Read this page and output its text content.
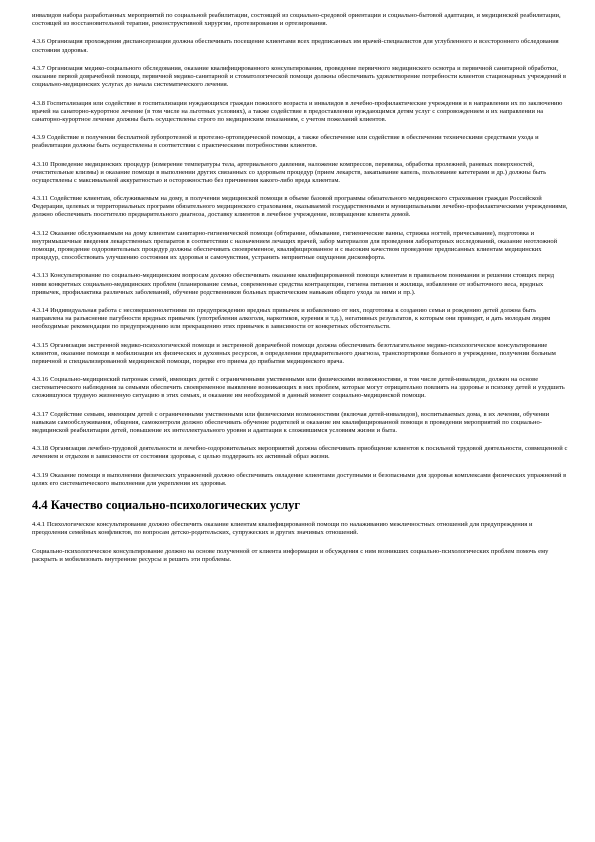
инвалидов набора разработанных мероприятий по социальной реабилитации, состоящей из социально-средовой ориентации и социально-бытовой адаптации, и медицинской реабилитации, состоящей из восстановительной терапии, реконструктивной хирургии, протезирования и ортезирования.

4.3.6 Организация прохождения диспансеризации должна обеспечивать посещение клиентами всех предписанных им врачей-специалистов для углубленного и всестороннего обследования состояния здоровья.

4.3.7 Организация медико-социального обследования, оказание квалифицированного консультирования, проведение первичного медицинского осмотра и первичной санитарной обработки, оказание первой доврачебной помощи, первичной медико-санитарной и стоматологической помощи должны обеспечивать удовлетворение потребности клиентов стационарных учреждений в социально-медицинских услугах до начала систематического лечения.

4.3.8 Госпитализация или содействие в госпитализации нуждающихся граждан пожилого возраста и инвалидов в лечебно-профилактические учреждения и в направлении их по заключению врачей на санаторно-курортное лечение (в том числе на льготных условиях), а также содействие в предоставлении нуждающимся детям услуг с сопровождением и их направлении на санаторно-курортное лечение должны быть осуществлены строго по медицинским показаниям, с учетом пожеланий клиентов.

4.3.9 Содействие в получении бесплатной зубопротезной и протезно-ортопедической помощи, а также обеспечение или содействие в обеспечении техническими средствами ухода и реабилитации должны быть осуществлены в соответствии с практическими потребностями клиентов.

4.3.10 Проведение медицинских процедур (измерение температуры тела, артериального давления, наложение компрессов, перевязка, обработка пролежней, раневых поверхностей, очистительные клизмы) и оказание помощи в выполнении других связанных со здоровьем процедур (прием лекарств, закапывание капель, пользование катетерами и др.) должны быть осуществлены с максимальной аккуратностью и осторожностью без причинения какого-либо вреда клиентам.

4.3.11 Содействие клиентам, обслуживаемым на дому, в получении медицинской помощи в объеме базовой программы обязательного медицинского страхования граждан Российской Федерации, целевых и территориальных программ обязательного медицинского страхования, оказываемой государственными и муниципальными лечебно-профилактическими учреждениями, должно обеспечивать посетителю предварительного диагноза, доставку клиентов в лечебное учреждение, возвращение клиента домой.

4.3.12 Оказание обслуживаемым на дому клиентам санитарно-гигиенической помощи (обтирание, обмывание, гигиенические ванны, стрижка ногтей, причесывание), подготовка и внутримышечные введения лекарственных препаратов в соответствии с назначением лечащих врачей, забор материалов для проведения лабораторных исследований, оказание неотложной помощи, проведение оздоровительных процедур должны обеспечивать своевременное, квалифицированное и с высоким качеством проведение предписанных клиентам медицинских процедур, способствовать улучшению состояния их здоровья и самочувствия, устранить неприятные ощущения дискомфорта.

4.3.13 Консультирование по социально-медицинским вопросам должно обеспечивать оказание квалифицированной помощи клиентам в правильном понимании и решении стоящих перед ними конкретных социально-медицинских проблем (планирование семьи, современные средства контрацепции, гигиена питания и жилища, избавление от избыточного веса, вредных привычек, профилактика различных заболеваний, обучение родственников больных практическим навыкам общего ухода за ними и пр.).

4.3.14 Индивидуальная работа с несовершеннолетними по предупреждению вредных привычек и избавлению от них, подготовка к созданию семьи и рождению детей должна быть направлена на разъяснение пагубности вредных привычек (употребления алкоголя, наркотиков, курения и т.д.), негативных результатов, к которым они приводят, и дать молодым людям необходимые рекомендации по предупреждению или прекращению этих привычек в зависимости от конкретных обстоятельств.

4.3.15 Организация экстренной медико-психологической помощи и экстренной доврачебной помощи должна обеспечивать безотлагательное медико-психологическое консультирование клиентов, оказание помощи в мобилизации их физических и духовных ресурсов, в определении предварительного диагноза, транспортировке больного в учреждение, получении больным первичной и специализированной медицинской помощи, порядке его приема до прибытия медицинского врача.

4.3.16 Социально-медицинский патронаж семей, имеющих детей с ограниченными умственными или физическими возможностями, в том числе детей-инвалидов, должен на основе систематического наблюдения за семьями обеспечить своевременное выявление возникающих в них проблем, которые могут отрицательно повлиять на здоровье и психику детей и ухудшить сложившуюся трудную жизненную ситуацию в этих семьях, и оказание им необходимой в данный момент социально-медицинской помощи.

4.3.17 Содействие семьям, имеющим детей с ограниченными умственными или физическими возможностями (включая детей-инвалидов), воспитываемых дома, в их лечении, обучении навыкам самообслуживания, общения, самоконтроля должно обеспечивать обучение родителей и оказание им квалифицированной помощи в проведении мероприятий по социально-медицинской реабилитации детей, повышение их интеллектуального уровня и адаптации к сложившимся условиям жизни и быта.

4.3.18 Организация лечебно-трудовой деятельности и лечебно-оздоровительных мероприятий должна обеспечивать приобщение клиентов к посильной трудовой деятельности, совмещенной с лечением и отдыхом в зависимости от состояния здоровья, с целью поддержать их активный образ жизни.

4.3.19 Оказание помощи в выполнении физических упражнений должно обеспечивать овладение клиентами доступными и безопасными для здоровья комплексами физических упражнений в целях его систематического выполнения для укрепления их здоровья.

4.4 Качество социально-психологических услуг

4.4.1 Психологическое консультирование должно обеспечить оказание клиентам квалифицированной помощи по налаживанию межличностных отношений для предупреждения и преодоления семейных конфликтов, по вопросам детско-родительских, супружеских и других значимых отношений.

Социально-психологическое консультирование должно на основе полученной от клиента информации и обсуждения с ним возникших социально-психологических проблем помочь ему раскрыть и мобилизовать внутренние ресурсы и решить эти проблемы.
